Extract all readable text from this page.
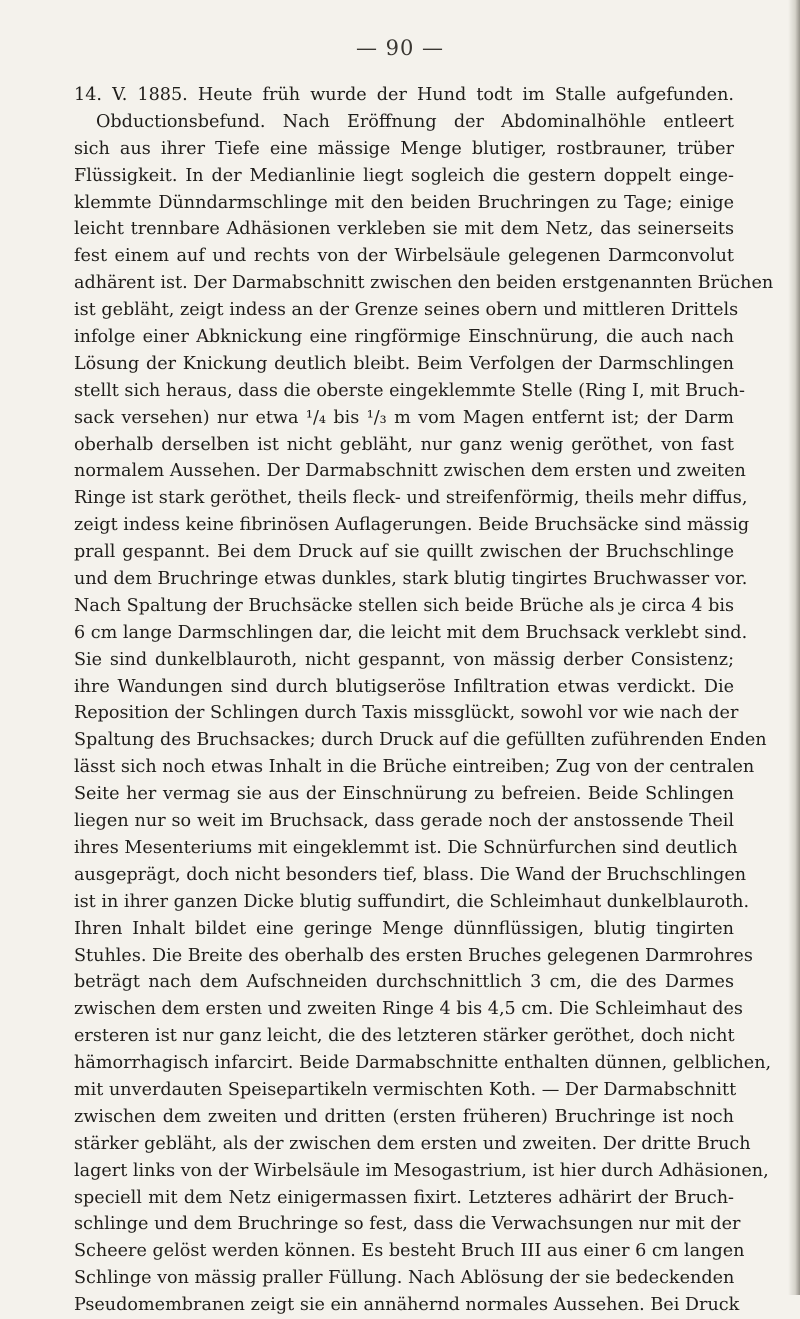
— 90 —
14. V. 1885. Heute früh wurde der Hund todt im Stalle aufgefunden.
Obductionsbefund. Nach Eröffnung der Abdominalhöhle entleert
sich aus ihrer Tiefe eine mässige Menge blutiger, rostbrauner, trüber
Flüssigkeit. In der Medianlinie liegt sogleich die gestern doppelt einge-
klemmte Dünndarmschlinge mit den beiden Bruchringen zu Tage; einige
leicht trennbare Adhäsionen verkleben sie mit dem Netz, das seinerseits
fest einem auf und rechts von der Wirbelsäule gelegenen Darmconvolut
adhärent ist. Der Darmabschnitt zwischen den beiden erstgenannten Brüchen
ist gebläht, zeigt indess an der Grenze seines obern und mittleren Drittels
infolge einer Abknickung eine ringförmige Einschnürung, die auch nach
Lösung der Knickung deutlich bleibt. Beim Verfolgen der Darmschlingen
stellt sich heraus, dass die oberste eingeklemmte Stelle (Ring I, mit Bruch-
sack versehen) nur etwa ¹/₄ bis ¹/₃ m vom Magen entfernt ist; der Darm
oberhalb derselben ist nicht gebläht, nur ganz wenig geröthet, von fast
normalem Aussehen. Der Darmabschnitt zwischen dem ersten und zweiten
Ringe ist stark geröthet, theils fleck- und streifenförmig, theils mehr diffus,
zeigt indess keine fibrinösen Auflagerungen. Beide Bruchsäcke sind mässig
prall gespannt. Bei dem Druck auf sie quillt zwischen der Bruchschlinge
und dem Bruchringe etwas dunkles, stark blutig tingirtes Bruchwasser vor.
Nach Spaltung der Bruchsäcke stellen sich beide Brüche als je circa 4 bis
6 cm lange Darmschlingen dar, die leicht mit dem Bruchsack verklebt sind.
Sie sind dunkelblauroth, nicht gespannt, von mässig derber Consistenz;
ihre Wandungen sind durch blutigseröse Infiltration etwas verdickt. Die
Reposition der Schlingen durch Taxis missglückt, sowohl vor wie nach der
Spaltung des Bruchsackes; durch Druck auf die gefüllten zuführenden Enden
lässt sich noch etwas Inhalt in die Brüche eintreiben; Zug von der centralen
Seite her vermag sie aus der Einschnürung zu befreien. Beide Schlingen
liegen nur so weit im Bruchsack, dass gerade noch der anstossende Theil
ihres Mesenteriums mit eingeklemmt ist. Die Schnürfurchen sind deutlich
ausgeprägt, doch nicht besonders tief, blass. Die Wand der Bruchschlingen
ist in ihrer ganzen Dicke blutig suffundirt, die Schleimhaut dunkelblauroth.
Ihren Inhalt bildet eine geringe Menge dünnflüssigen, blutig tingirten
Stuhles. Die Breite des oberhalb des ersten Bruches gelegenen Darmrohres
beträgt nach dem Aufschneiden durchschnittlich 3 cm, die des Darmes
zwischen dem ersten und zweiten Ringe 4 bis 4,5 cm. Die Schleimhaut des
ersteren ist nur ganz leicht, die des letzteren stärker geröthet, doch nicht
hämorrhagisch infarcirt. Beide Darmabschnitte enthalten dünnen, gelblichen,
mit unverdauten Speisepartikeln vermischten Koth. — Der Darmabschnitt
zwischen dem zweiten und dritten (ersten früheren) Bruchringe ist noch
stärker gebläht, als der zwischen dem ersten und zweiten. Der dritte Bruch
lagert links von der Wirbelsäule im Mesogastrium, ist hier durch Adhäsionen,
speciell mit dem Netz einigermassen fixirt. Letzteres adhärirt der Bruch-
schlinge und dem Bruchringe so fest, dass die Verwachsungen nur mit der
Scheere gelöst werden können. Es besteht Bruch III aus einer 6 cm langen
Schlinge von mässig praller Füllung. Nach Ablösung der sie bedeckenden
Pseudomembranen zeigt sie ein annähernd normales Aussehen. Bei Druck
